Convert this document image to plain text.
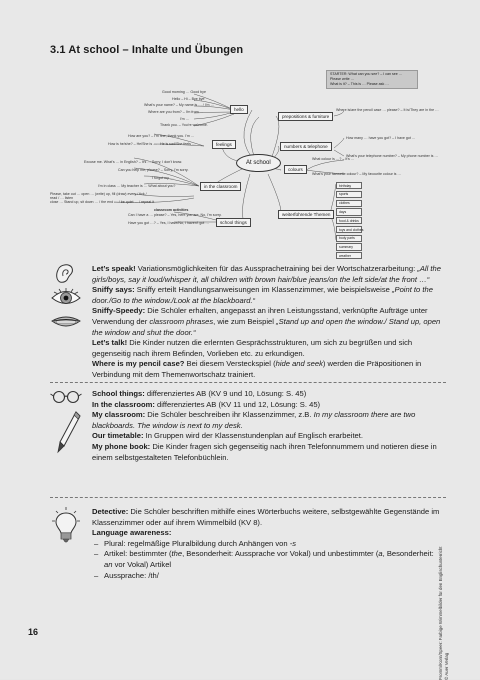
3.1 At school – Inhalte und Übungen
At school
hello
feelings
in the classroom
school things
prepositions & furniture
numbers & telephone
colours
weiterführende Themen
classroom activities
Good morning … Good bye
Hello – Hi – Bye bye
What's your name? – My name is … / I'm …
Where are you from? – I'm from …
I'm …
Thank you. – You're welcome.
How are you? – I'm fine, thank you. I'm …
How is he/she? – He/She is … He is sad/She feels …
Excuse me. What's … in English? – It's … Sorry, I don't know.
Can you help me, please? – Sorry, I'm sorry.
I forgot my …
I'm in class … My teacher is … What about you?
Please, take out … open … (write) up, fill (draw) every / tick / read / … listen
close … Stand up, sit down … / the end … / be quiet … / repeat it
Can I have a … please? – Yes, here you are. No, I'm sorry.
Have you got …? – Yes, I have/No, I haven't got …
Where is/are the pencil case … please? – It is/They are in the …
How many … have you got? – I have got …
What's your telephone number? – My phone number is …
What colour is …? – It's …
What's your favourite colour? – My favourite colour is …
STARTER: What can you see? – I can see … Please write …
What is it? – This is … Please ask …
birthday
sports
clothes
days
food & drinks
toys and clothes
body parts
summary
weather

Let’s speak! Variationsmöglichkeiten für das Aussprachetraining bei der Wortschatzerarbeitung: „All the girls/boys, say it loud/whisper it, all children with brown hair/blue jeans/on the left side/at the front …“

Sniffy says: Sniffy erteilt Handlungsanweisungen im Klassenzimmer, wie beispielsweise „Point to the door./Go to the window./Look at the blackboard.“

Sniffy-Speedy: Die Schüler erhalten, angepasst an ihren Leistungsstand, verknüpfte Aufträge unter Verwendung der classroom phrases, wie zum Beispiel „Stand up and open the window./ Stand up, open the window and shut the door.“

Let’s talk! Die Kinder nutzen die erlernten Gesprächsstrukturen, um sich zu begrüßen und sich gegenseitig nach ihrem Befinden, Vorlieben etc. zu erkundigen.

Where is my pencil case? Bei diesem Versteckspiel (hide and seek) werden die Präpositionen in Verbindung mit dem Themenwortschatz trainiert.

School things: differenziertes AB (KV 9 und 10, Lösung: S. 45)

In the classroom: differenziertes AB (KV 11 und 12, Lösung: S. 45)

My classroom: Die Schüler beschreiben ihr Klassenzimmer, z.B. In my classroom there are two blackboards. The window is next to my desk.

Our timetable: In Gruppen wird der Klassenstundenplan auf Englisch erarbeitet.

My phone book: Die Kinder fragen sich gegenseitig nach ihren Telefonnummern und notieren diese in einem selbstgestalteten Telefonbüchlein.

Detective: Die Schüler beschriften mithilfe eines Wörterbuchs weitere, selbstgewählte Gegenstände im Klassenzimmer oder auf ihrem Wimmelbild (KV 8).

Language awareness:

– Plural: regelmäßige Pluralbildung durch Anhängen von -s
– Artikel: bestimmter (the, Besonderheit: Aussprache vor Vokal) und unbestimmter (a, Besonderheit: an vor Vokal) Artikel
– Aussprache: /th/
16	Fromm/Korn/Speer: Farbige Wimmelbilder für den Englischunterricht © Auer Verlag
